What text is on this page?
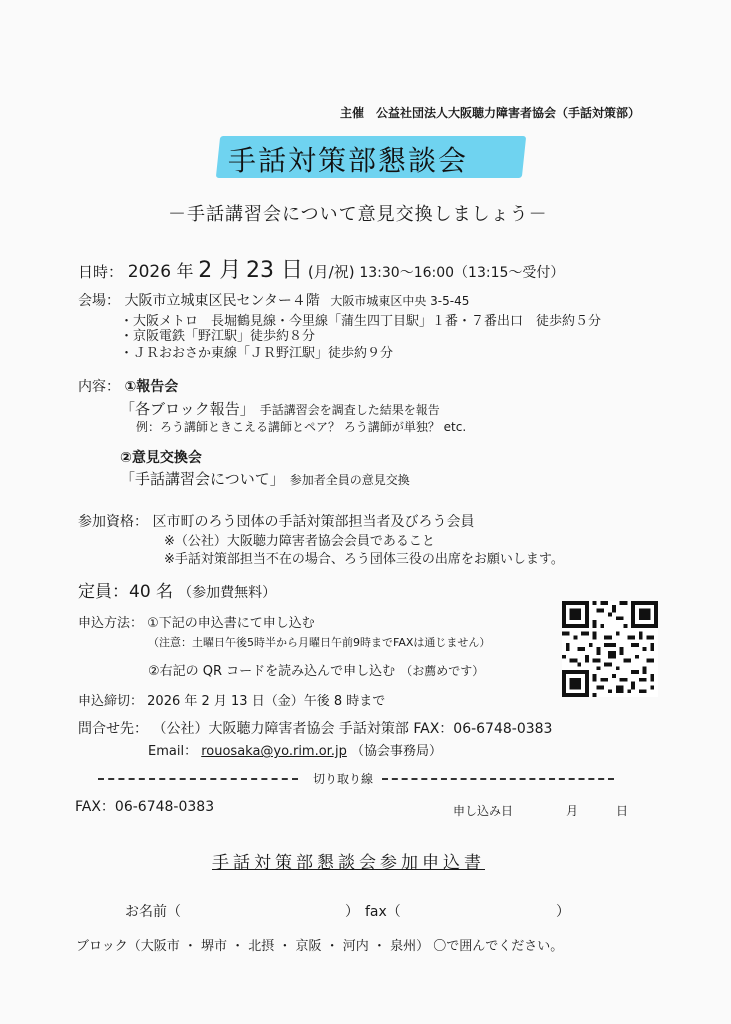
主催　公益社団法人大阪聴力障害者協会（手話対策部）
手話対策部懇談会
－手話講習会について意見交換しましょう－
日時： 2026 年 2 月 23 日 (月/祝) 13:30～16:00（13:15～受付）
会場： 大阪市立城東区民センター４階 大阪市城東区中央 3-5-45
・大阪メトロ　長堀鶴見線・今里線「蒲生四丁目駅」１番・７番出口　徒歩約５分
・京阪電鉄「野江駅」徒歩約８分
・ＪＲおおさか東線「ＪＲ野江駅」徒歩約９分
内容： ①報告会
「各ブロック報告」 手話講習会を調査した結果を報告
例：ろう講師ときこえる講師とペア？ ろう講師が単独？ etc.
②意見交換会
「手話講習会について」 参加者全員の意見交換
参加資格： 区市町のろう団体の手話対策部担当者及びろう会員
※（公社）大阪聴力障害者協会会員であること
※手話対策部担当不在の場合、ろう団体三役の出席をお願いします。
定員：40 名 （参加費無料）
申込方法： ①下記の申込書にて申し込む
（注意：土曜日午後5時半から月曜日午前9時までFAXは通じません）
②右記の QR コードを読み込んで申し込む （お薦めです）
申込締切： 2026 年 2 月 13 日（金）午後 8 時まで
問合せ先： （公社）大阪聴力障害者協会 手話対策部 FAX：06-6748-0383
Email： rouosaka@yo.rim.or.jp （協会事務局）
切り取り線
FAX：06-6748-0383	申し込み日	月	日
手話対策部懇談会参加申込書
お名前（	） fax（	）
ブロック（大阪市 ・ 堺市 ・ 北摂 ・ 京阪 ・ 河内 ・ 泉州） 〇で囲んでください。
